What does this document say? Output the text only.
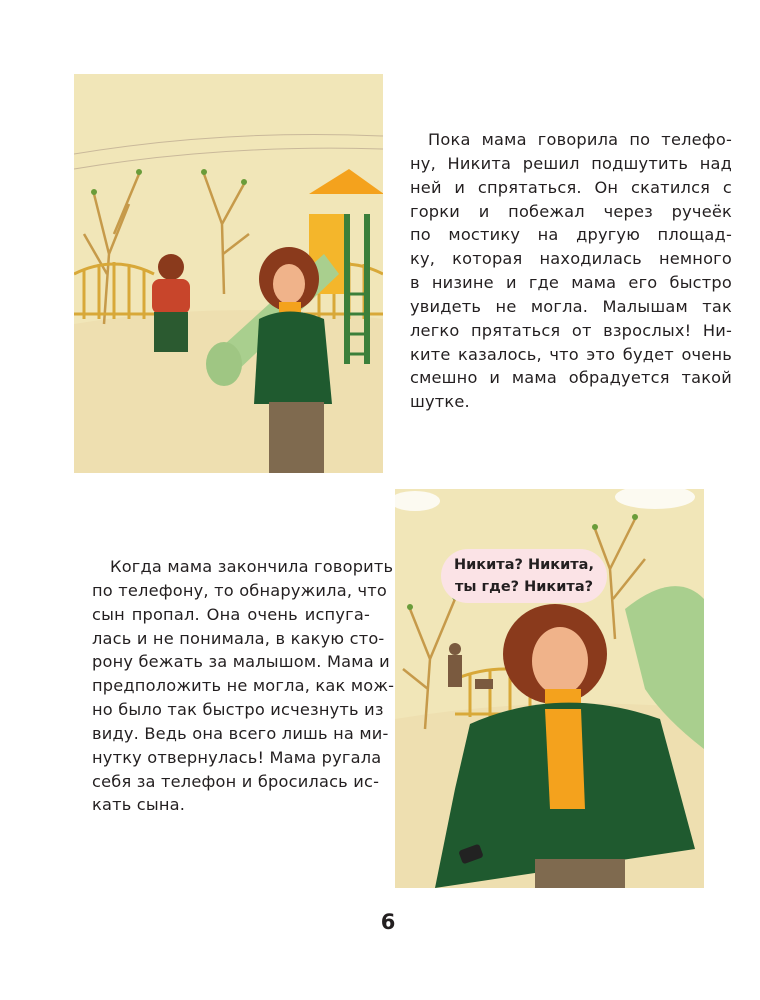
Пока мама говорила по телефо-
ну, Никита решил подшутить над
ней и спрятаться. Он скатился с
горки и побежал через ручеёк
по мостику на другую площад-
ку, которая находилась немного
в низине и где мама его быстро
увидеть не могла. Малышам так
легко прятаться от взрослых! Ни-
ките казалось, что это будет очень
смешно и мама обрадуется такой
шутке.
Когда мама закончила говорить
по телефону, то обнаружила, что
сын пропал. Она очень испуга-
лась и не понимала, в какую сто-
рону бежать за малышом. Мама и
предположить не могла, как мож-
но было так быстро исчезнуть из
виду. Ведь она всего лишь на ми-
нутку отвернулась! Мама ругала
себя за телефон и бросилась ис-
кать сына.
Никита? Никита,
ты где? Никита?
6
